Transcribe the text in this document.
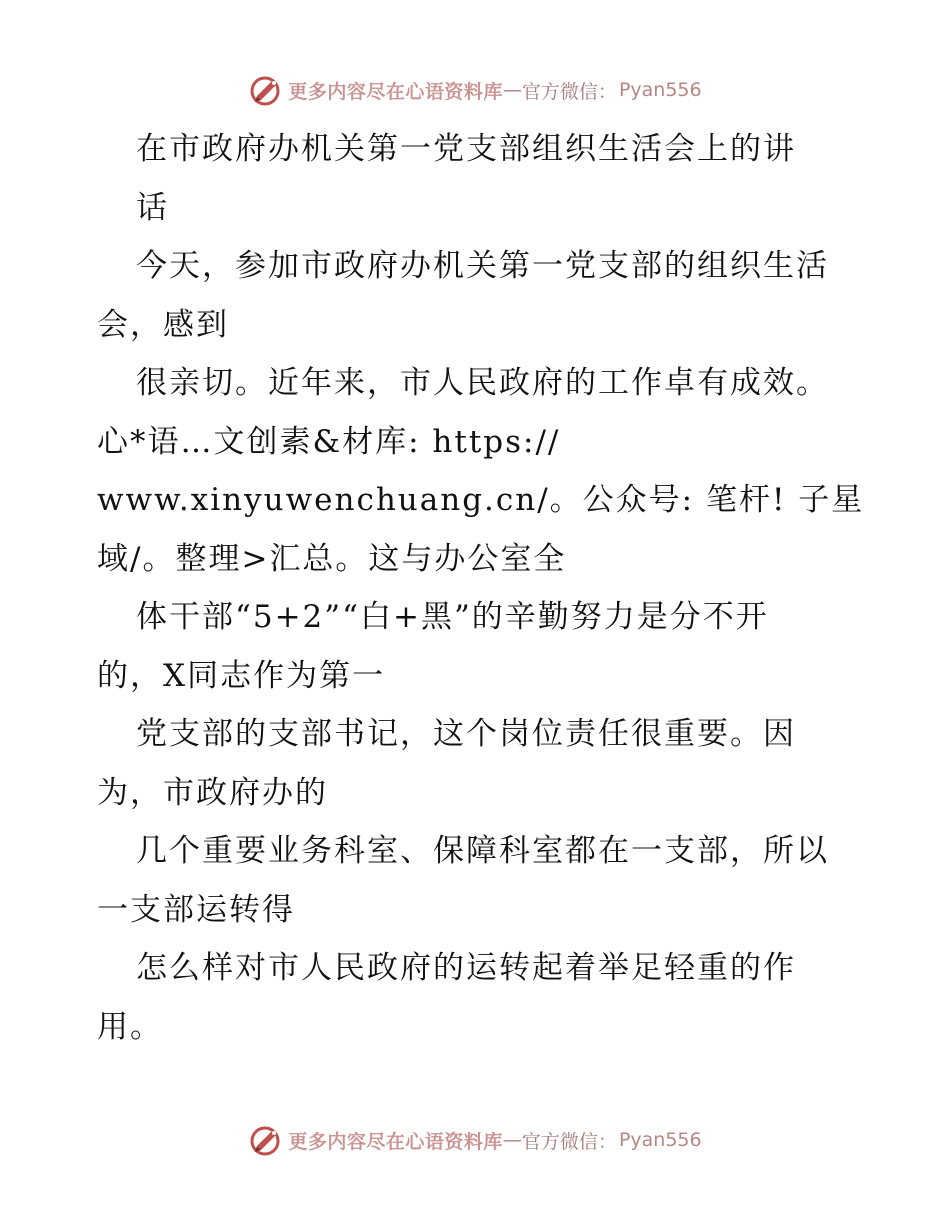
更多内容尽在心语资料库 — 官方微信： Pyan556
在市政府办机关第一党支部组织生活会上的讲
话
今天，参加市政府办机关第一党支部的组织生活
会，感到
很亲切。近年来，市人民政府的工作卓有成效。
心*语…文创素&材库: https://
www.xinyuwenchuang.cn/。公众号: 笔杆! 子星
域/。整理>汇总。这与办公室全
体干部“5+2”“白+黑”的辛勤努力是分不开
的，X同志作为第一
党支部的支部书记，这个岗位责任很重要。因
为，市政府办的
几个重要业务科室、保障科室都在一支部，所以
一支部运转得
怎么样对市人民政府的运转起着举足轻重的作
用。
更多内容尽在心语资料库 — 官方微信： Pyan556
